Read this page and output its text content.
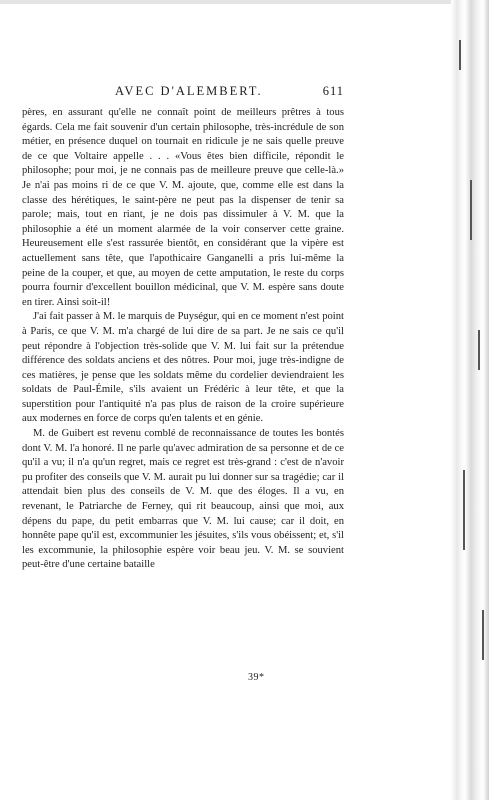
AVEC D'ALEMBERT.	611

pères, en assurant qu'elle ne connaît point de meilleurs prêtres à tous égards. Cela me fait souvenir d'un certain philosophe, très-incrédule de son métier, en présence duquel on tournait en ridicule je ne sais quelle preuve de ce que Voltaire appelle . . . «Vous êtes bien difficile, répondit le philosophe; pour moi, je ne connais pas de meilleure preuve que celle-là.» Je n'ai pas moins ri de ce que V. M. ajoute, que, comme elle est dans la classe des hérétiques, le saint-père ne peut pas la dispenser de tenir sa parole; mais, tout en riant, je ne dois pas dissimuler à V. M. que la philosophie a été un moment alarmée de la voir conserver cette graine. Heureusement elle s'est rassurée bientôt, en considérant que la vipère est actuellement sans tête, que l'apothicaire Ganganelli a pris lui-même la peine de la couper, et que, au moyen de cette amputation, le reste du corps pourra fournir d'excellent bouillon médicinal, que V. M. espère sans doute en tirer. Ainsi soit-il!

J'ai fait passer à M. le marquis de Puységur, qui en ce moment n'est point à Paris, ce que V. M. m'a chargé de lui dire de sa part. Je ne sais ce qu'il peut répondre à l'objection très-solide que V. M. lui fait sur la prétendue différence des soldats anciens et des nôtres. Pour moi, juge très-indigne de ces matières, je pense que les soldats même du cordelier deviendraient les soldats de Paul-Émile, s'ils avaient un Frédéric à leur tête, et que la superstition pour l'antiquité n'a pas plus de raison de la croire supérieure aux modernes en force de corps qu'en talents et en génie.

M. de Guibert est revenu comblé de reconnaissance de toutes les bontés dont V. M. l'a honoré. Il ne parle qu'avec admiration de sa personne et de ce qu'il a vu; il n'a qu'un regret, mais ce regret est très-grand : c'est de n'avoir pu profiter des conseils que V. M. aurait pu lui donner sur sa tragédie; car il attendait bien plus des conseils de V. M. que des éloges. Il a vu, en revenant, le Patriarche de Ferney, qui rit beaucoup, ainsi que moi, aux dépens du pape, du petit embarras que V. M. lui cause; car il doit, en honnête pape qu'il est, excommunier les jésuites, s'ils vous obéissent; et, s'il les excommunie, la philosophie espère voir beau jeu. V. M. se souvient peut-être d'une certaine bataille

39*
